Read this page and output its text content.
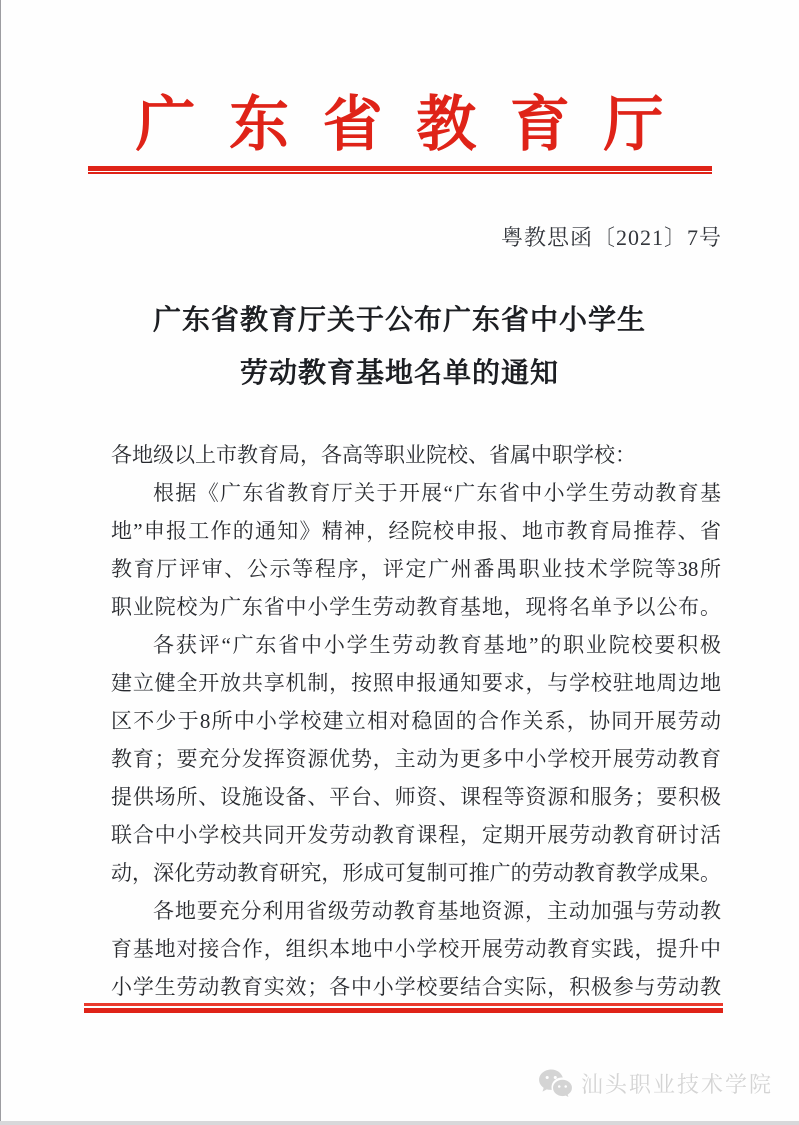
广东省教育厅
粤教思函〔2021〕7号
广东省教育厅关于公布广东省中小学生
劳动教育基地名单的通知
各地级以上市教育局，各高等职业院校、省属中职学校：
根据《广东省教育厅关于开展“广东省中小学生劳动教育基
地”申报工作的通知》精神，经院校申报、地市教育局推荐、省
教育厅评审、公示等程序，评定广州番禺职业技术学院等38所
职业院校为广东省中小学生劳动教育基地，现将名单予以公布。
各获评“广东省中小学生劳动教育基地”的职业院校要积极
建立健全开放共享机制，按照申报通知要求，与学校驻地周边地
区不少于8所中小学校建立相对稳固的合作关系，协同开展劳动
教育；要充分发挥资源优势，主动为更多中小学校开展劳动教育
提供场所、设施设备、平台、师资、课程等资源和服务；要积极
联合中小学校共同开发劳动教育课程，定期开展劳动教育研讨活
动，深化劳动教育研究，形成可复制可推广的劳动教育教学成果。
各地要充分利用省级劳动教育基地资源，主动加强与劳动教
育基地对接合作，组织本地中小学校开展劳动教育实践，提升中
小学生劳动教育实效；各中小学校要结合实际，积极参与劳动教
汕头职业技术学院
